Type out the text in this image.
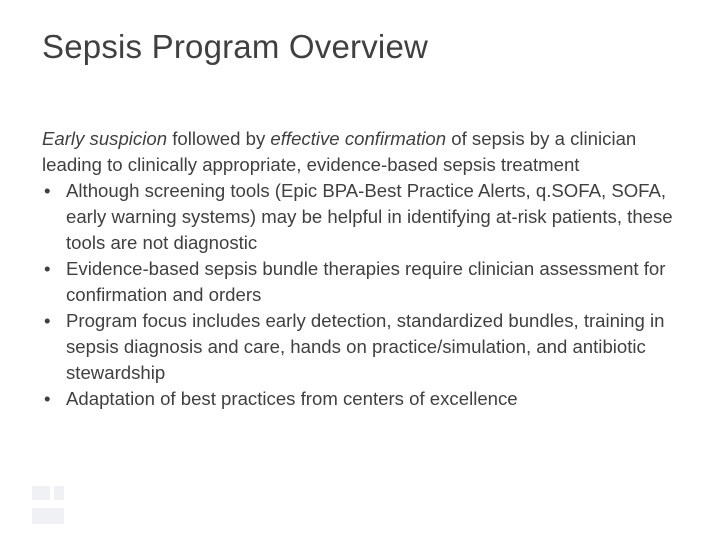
Sepsis Program Overview

Early suspicion followed by effective confirmation of sepsis by a clinician leading to clinically appropriate, evidence-based sepsis treatment

• Although screening tools (Epic BPA-Best Practice Alerts, q.SOFA, SOFA, early warning systems) may be helpful in identifying at-risk patients, these tools are not diagnostic
• Evidence-based sepsis bundle therapies require clinician assessment for confirmation and orders
• Program focus includes early detection, standardized bundles, training in sepsis diagnosis and care, hands on practice/simulation, and antibiotic stewardship
• Adaptation of best practices from centers of excellence
